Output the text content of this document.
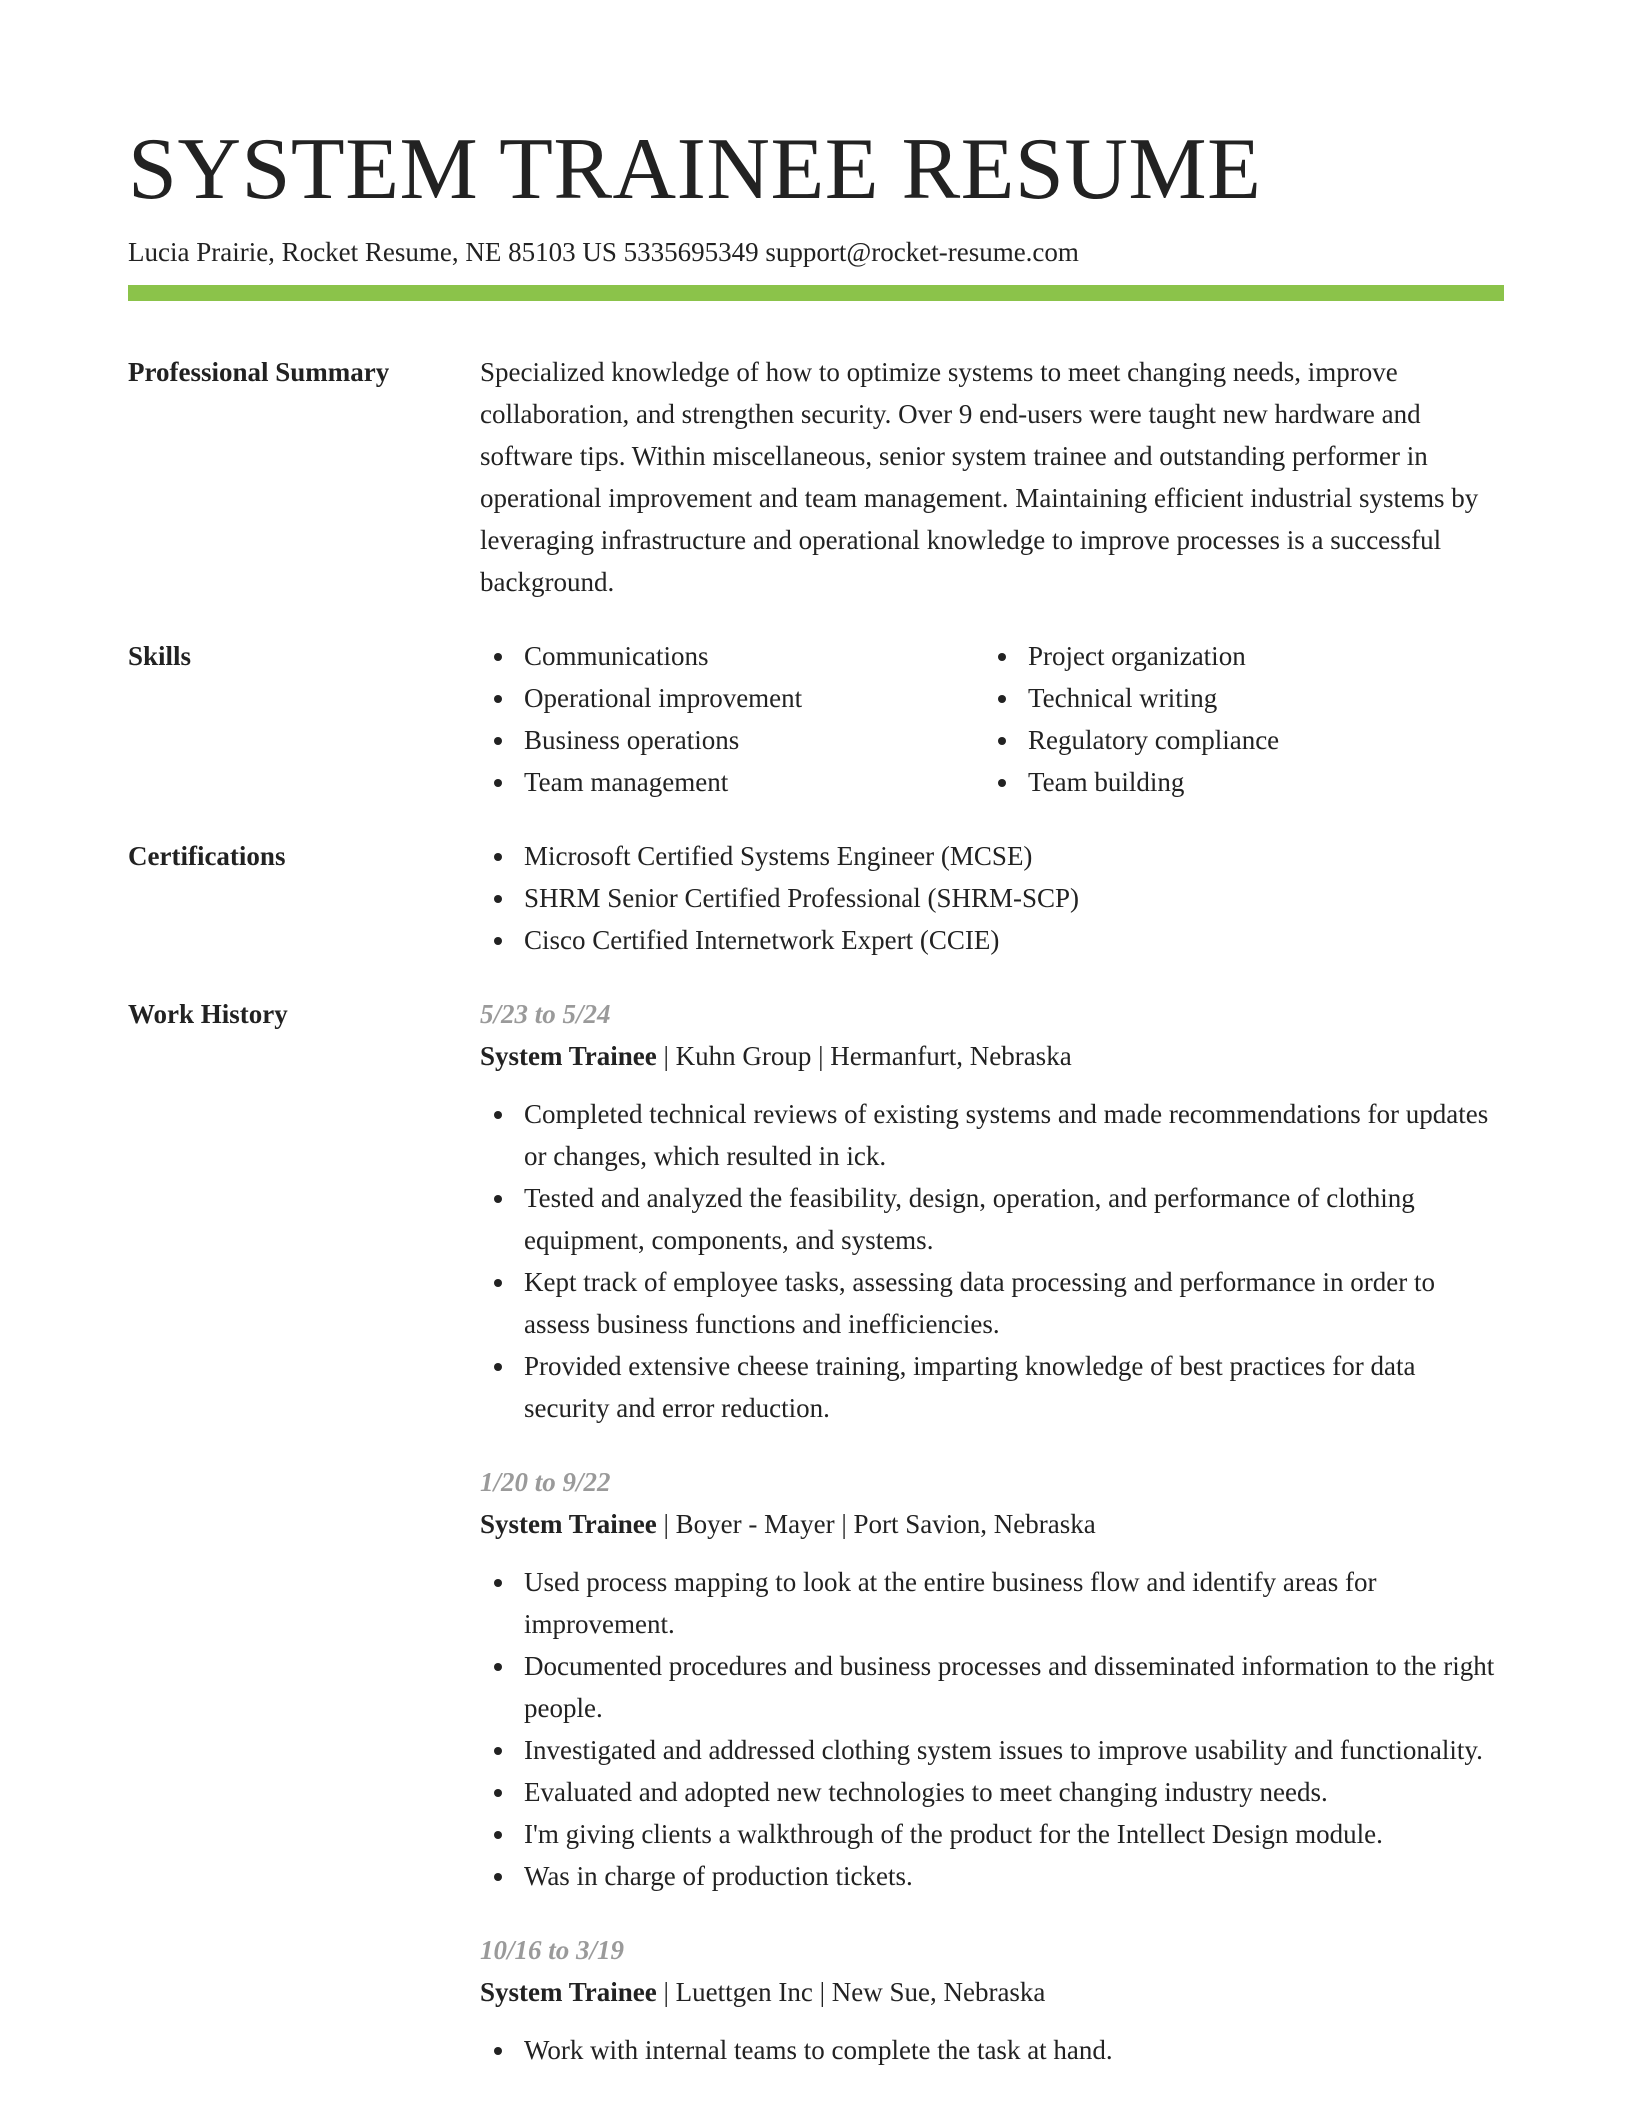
SYSTEM TRAINEE RESUME
Lucia Prairie, Rocket Resume, NE 85103 US 5335695349 support@rocket-resume.com
Professional Summary	Specialized knowledge of how to optimize systems to meet changing needs, improve collaboration, and strengthen security. Over 9 end-users were taught new hardware and software tips. Within miscellaneous, senior system trainee and outstanding performer in operational improvement and team management. Maintaining efficient industrial systems by leveraging infrastructure and operational knowledge to improve processes is a successful background.
Skills	Communications
Operational improvement
Business operations
Team management
Project organization
Technical writing
Regulatory compliance
Team building
Certifications	Microsoft Certified Systems Engineer (MCSE)
SHRM Senior Certified Professional (SHRM-SCP)
Cisco Certified Internetwork Expert (CCIE)
Work History	5/23 to 5/24
System Trainee | Kuhn Group | Hermanfurt, Nebraska
Completed technical reviews of existing systems and made recommendations for updates or changes, which resulted in ick.
Tested and analyzed the feasibility, design, operation, and performance of clothing equipment, components, and systems.
Kept track of employee tasks, assessing data processing and performance in order to assess business functions and inefficiencies.
Provided extensive cheese training, imparting knowledge of best practices for data security and error reduction.
1/20 to 9/22
System Trainee | Boyer - Mayer | Port Savion, Nebraska
Used process mapping to look at the entire business flow and identify areas for improvement.
Documented procedures and business processes and disseminated information to the right people.
Investigated and addressed clothing system issues to improve usability and functionality.
Evaluated and adopted new technologies to meet changing industry needs.
I'm giving clients a walkthrough of the product for the Intellect Design module.
Was in charge of production tickets.
10/16 to 3/19
System Trainee | Luettgen Inc | New Sue, Nebraska
Work with internal teams to complete the task at hand.
